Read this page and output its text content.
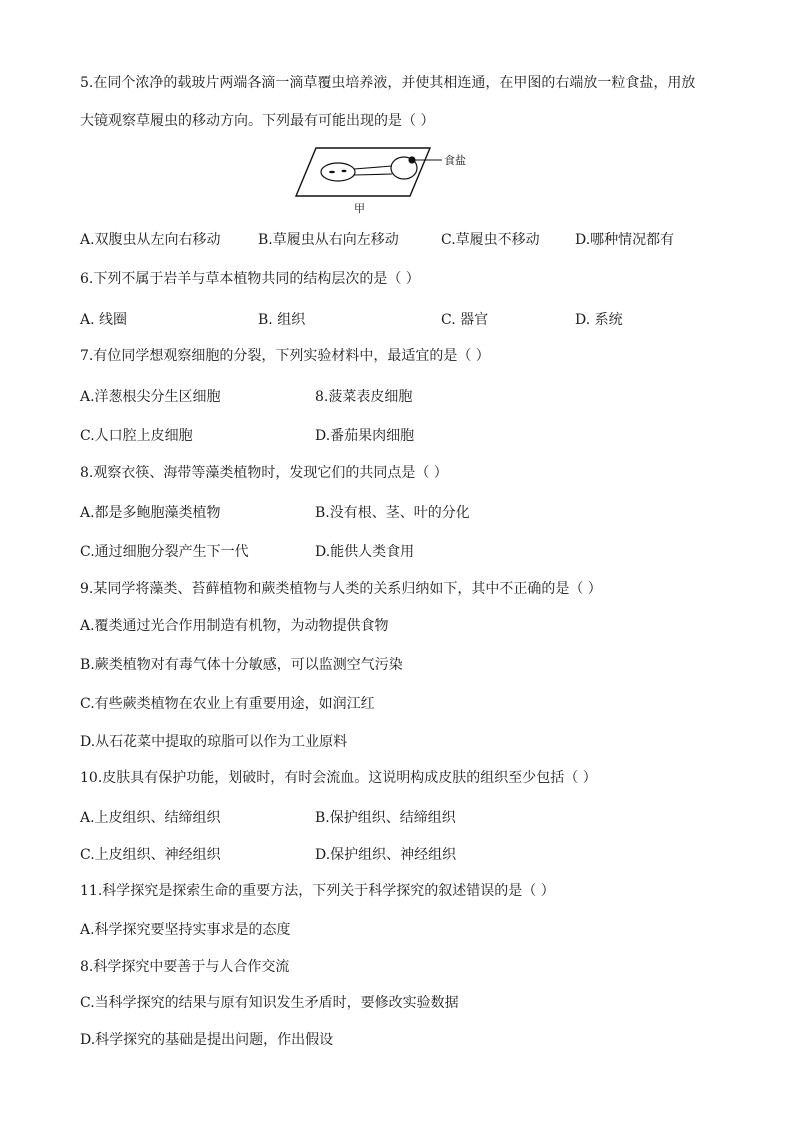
5.在同个浓净的载玻片两端各滴一滴草覆虫培养液，并使其相连通，在甲图的右端放一粒食盐，用放
大镜观察草履虫的移动方向。下列最有可能出现的是（ ）
食盐
甲
A.双腹虫从左向右移动	B.草履虫从右向左移动	C.草履虫不移动	D.哪种情况都有
6.下列不属于岩羊与草本植物共同的结构层次的是（ ）
A. 线圈	B. 组织	C. 器官	D. 系统
7.有位同学想观察细胞的分裂，下列实验材料中，最适宜的是（ ）
A.洋葱根尖分生区细胞	8.菠菜表皮细胞
C.人口腔上皮细胞	D.番茄果肉细胞
8.观察衣筷、海带等藻类植物时，发现它们的共同点是（ ）
A.都是多鲍胞藻类植物	B.没有根、茎、叶的分化
C.通过细胞分裂产生下一代	D.能供人类食用
9.某同学将藻类、苔藓植物和蕨类植物与人类的关系归纳如下，其中不正确的是（ ）
A.覆类通过光合作用制造有机物，为动物提供食物
B.蕨类植物对有毒气体十分敏感，可以监测空气污染
C.有些蕨类植物在农业上有重要用途，如润江红
D.从石花菜中提取的琼脂可以作为工业原料
10.皮肤具有保护功能，划破时，有时会流血。这说明构成皮肤的组织至少包括（ ）
A.上皮组织、结缔组织	B.保护组织、结缔组织
C.上皮组织、神经组织	D.保护组织、神经组织
11.科学探究是探索生命的重要方法，下列关于科学探究的叙述错误的是（ ）
A.科学探究要坚持实事求是的态度
8.科学探究中要善于与人合作交流
C.当科学探究的结果与原有知识发生矛盾时，要修改实验数据
D.科学探究的基础是提出问题，作出假设
